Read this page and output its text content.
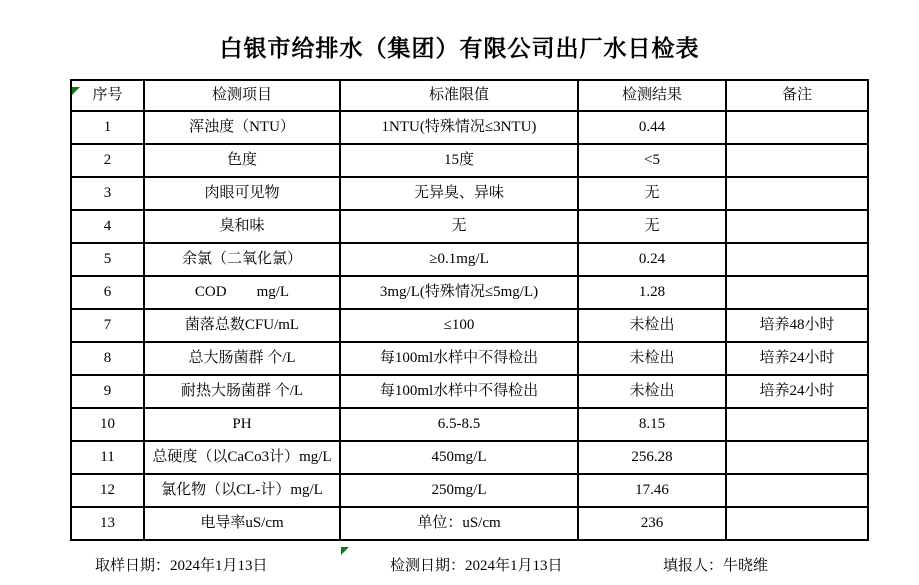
白银市给排水（集团）有限公司出厂水日检表
序号	检测项目	标准限值	检测结果	备注
1	浑浊度（NTU）	1NTU(特殊情况≤3NTU)	0.44	
2	色度	15度	<5	
3	肉眼可见物	无异臭、异味	无	
4	臭和味	无	无	
5	余氯（二氧化氯）	≥0.1mg/L	0.24	
6	COD        mg/L	3mg/L(特殊情况≤5mg/L)	1.28	
7	菌落总数CFU/mL	≤100	未检出	培养48小时
8	总大肠菌群 个/L	每100ml水样中不得检出	未检出	培养24小时
9	耐热大肠菌群 个/L	每100ml水样中不得检出	未检出	培养24小时
10	PH	6.5-8.5	8.15	
11	总硬度（以CaCo3计）mg/L	450mg/L	256.28	
12	氯化物（以CL-计）mg/L	250mg/L	17.46	
13	电导率uS/cm	单位：uS/cm	236	
取样日期：2024年1月13日	检测日期：2024年1月13日	填报人：牛晓维
